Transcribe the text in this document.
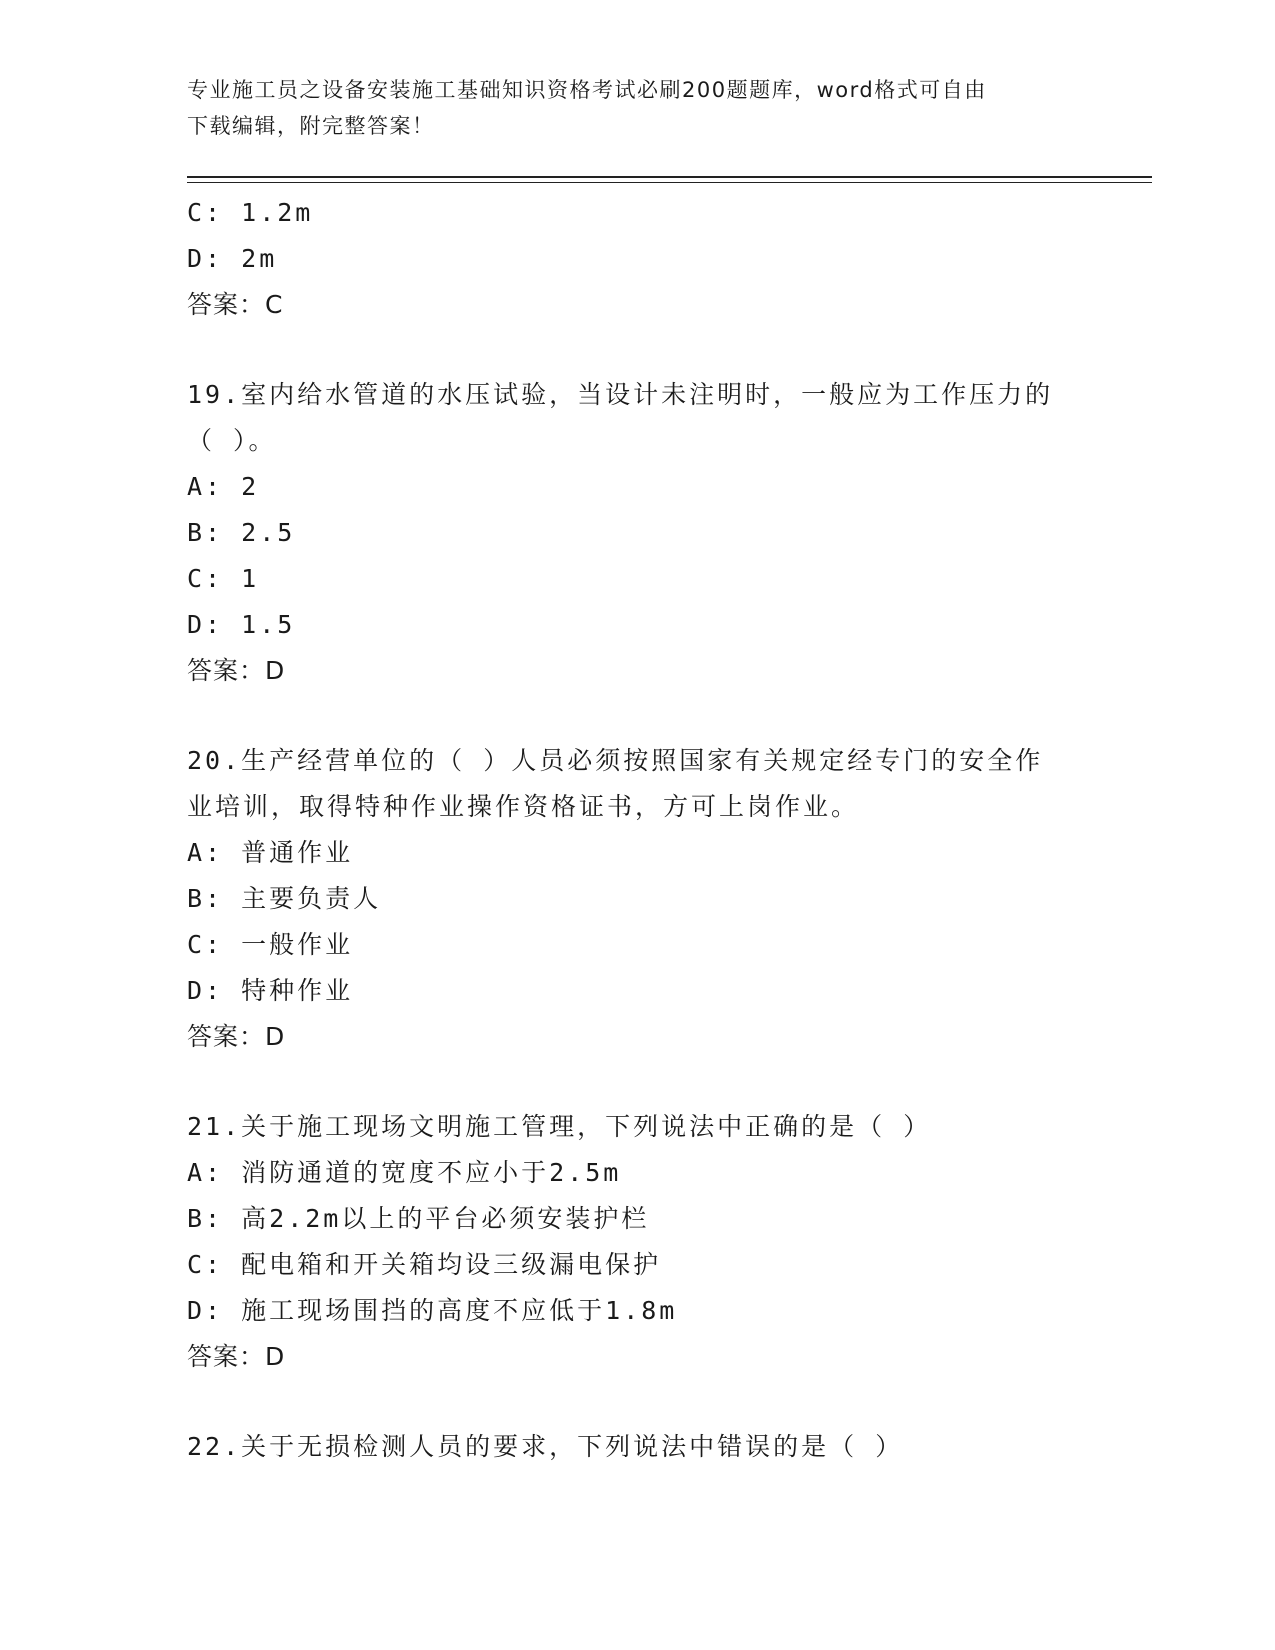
专业施工员之设备安装施工基础知识资格考试必刷200题题库，word格式可自由
下载编辑，附完整答案！
C: 1.2m
D: 2m
答案：C
19.室内给水管道的水压试验，当设计未注明时，一般应为工作压力的
（ ）。
A: 2
B: 2.5
C: 1
D: 1.5
答案：D
20.生产经营单位的（ ）人员必须按照国家有关规定经专门的安全作
业培训，取得特种作业操作资格证书，方可上岗作业。
A: 普通作业
B: 主要负责人
C: 一般作业
D: 特种作业
答案：D
21.关于施工现场文明施工管理，下列说法中正确的是（ ）
A: 消防通道的宽度不应小于2.5m
B: 高2.2m以上的平台必须安装护栏
C: 配电箱和开关箱均设三级漏电保护
D: 施工现场围挡的高度不应低于1.8m
答案：D
22.关于无损检测人员的要求，下列说法中错误的是（ ）
